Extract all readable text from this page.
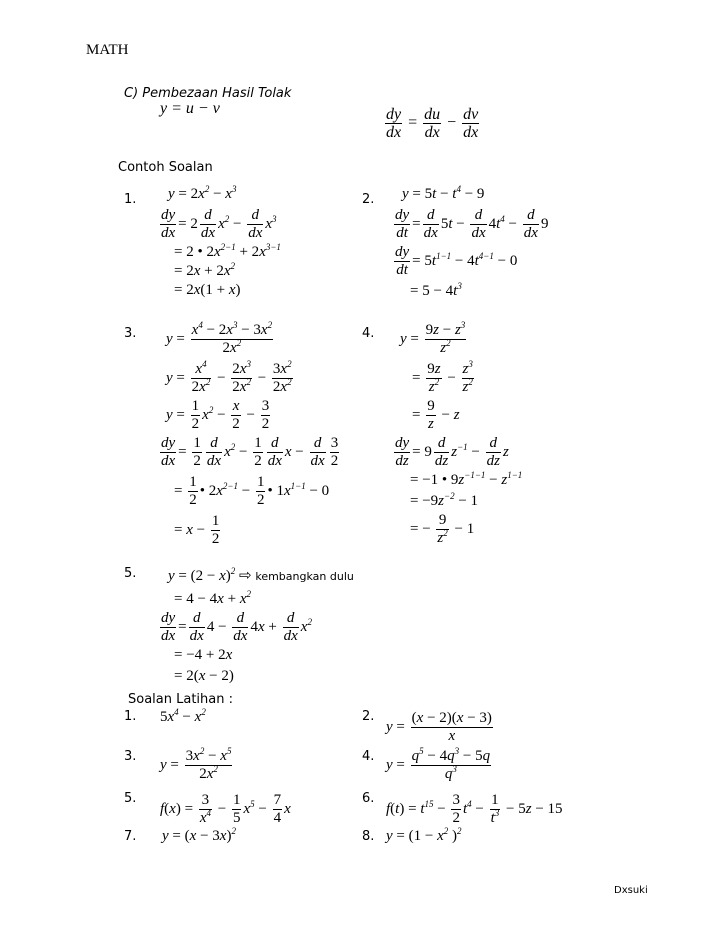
MATH
C) Pembezaan Hasil Tolak
y = u − v	$\frac{dy}{dx} = \frac{du}{dx} - \frac{dv}{dx}$
Contoh Soalan
1. $y = 2x^2 - x^3$
$\frac{dy}{dx} = 2 \frac{d}{dx} x^2 - \frac{d}{dx} x^3$
= 2 • $2x^{2-1} + 2x^{3-1}$
= $2x + 2x^2$
= 2x(1 + x)
2. $y = 5t - t^4 - 9$
$\frac{dy}{dt} = \frac{d}{dx} 5t - \frac{d}{dx} 4t^4 - \frac{d}{dx} 9$
$\frac{dy}{dt} = 5t^{1-1} - 4t^{4-1} - 0$
= $5 - 4t^3$
3. $y = \frac{x^4 - 2x^3 - 3x^2}{2x^2}$
$y = \frac{x^4}{2x^2} - \frac{2x^3}{2x^2} - \frac{3x^2}{2x^2}$
$y = \frac{1}{2} x^2 - \frac{x}{2} - \frac{3}{2}$
$\frac{dy}{dx} = \frac{1}{2} \frac{d}{dx} x^2 - \frac{1}{2} \frac{d}{dx}$ $x - \frac{d}{dx} \frac{3}{2}$
= $\frac{1}{2}$ • $2x^{2-1} - \frac{1}{2}$ • $1x^{1-1} - 0$
= $x - \frac{1}{2}$
4. $y = \frac{9z - z^3}{z^2}$
= $\frac{9z}{z^2} - \frac{z^3}{z^2}$
= $\frac{9}{z} - z$
$\frac{dy}{dz} = 9 \frac{d}{dz} z^{-1} - \frac{d}{dz}$ z
= −1 • $9z^{-1-1} - z^{1-1}$
= $-9z^{-2} - 1$
= − $\frac{9}{z^2} - 1$
5. $y = (2 - x)^2$ ⇨ kembangkan dulu
= $4 - 4x + x^2$
$\frac{dy}{dx} = \frac{d}{dx} 4 - \frac{d}{dx} 4x + \frac{d}{dx} x^2$
= −4 + 2x
= 2(x − 2)
Soalan Latihan :
1. $5x^4 - x^2$	2.
$y = \frac{(x - 2)(x - 3)}{x}$
3.
$y = \frac{3x^2 - x^5}{2x^2}$	4.
$y = \frac{q^5 - 4q^3 - 5q}{q^3}$
5.
$f(x) = \frac{3}{x^4} - \frac{1}{5} x^5 - \frac{7}{4}$ x
6.
$f(t) = t^{15} - \frac{3}{2} t^4 - \frac{1}{t^3} - 5z - 15$
7. $y = (x - 3x)^2$	8. $y = (1 - x^2$ )$^2$
Dxsuki
